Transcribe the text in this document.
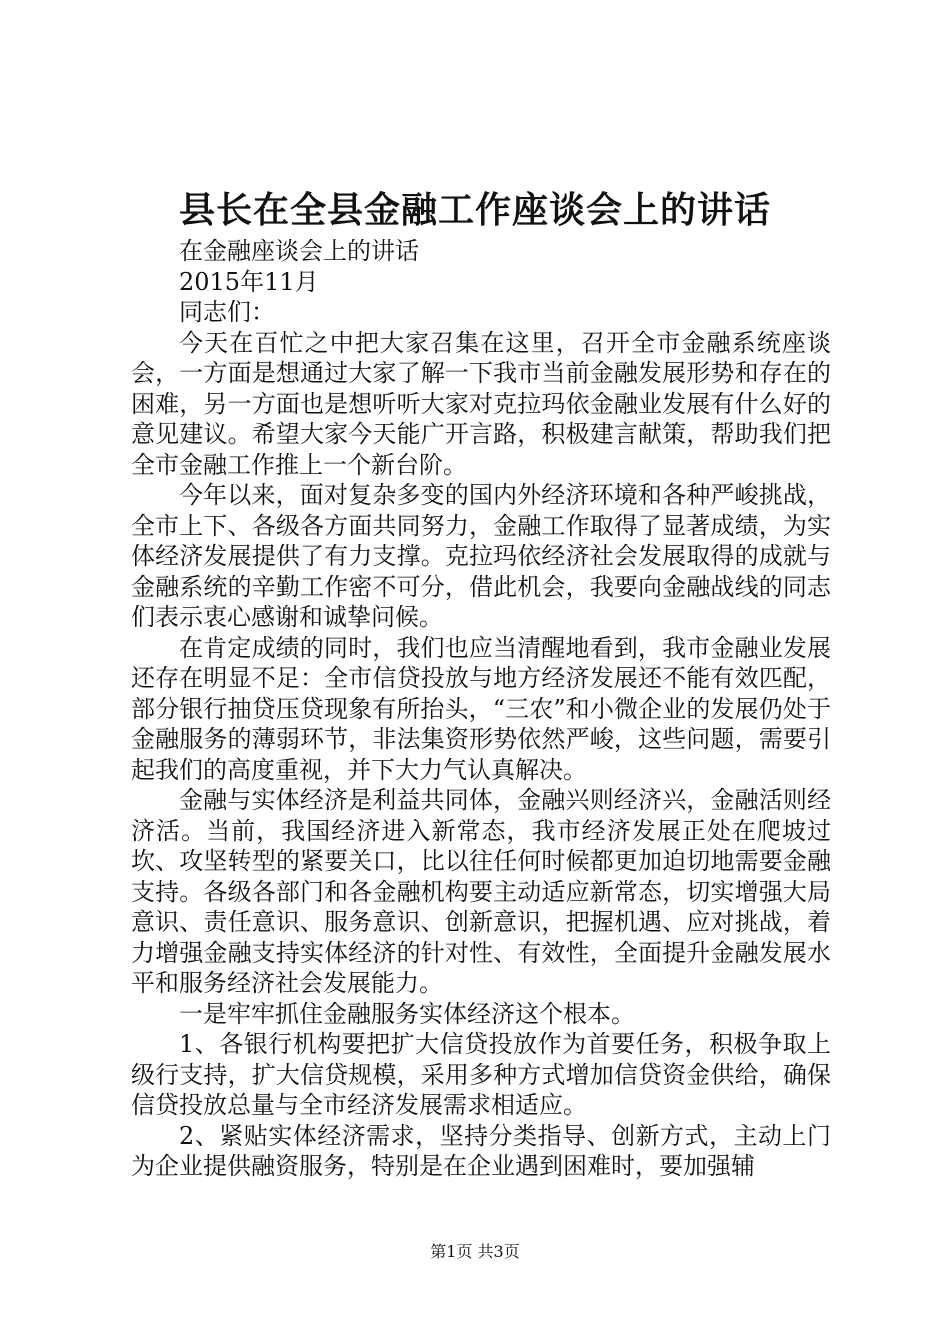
县长在全县金融工作座谈会上的讲话

在金融座谈会上的讲话

2015年11月

同志们：

今天在百忙之中把大家召集在这里，召开全市金融系统座谈会，一方面是想通过大家了解一下我市当前金融发展形势和存在的困难，另一方面也是想听听大家对克拉玛依金融业发展有什么好的意见建议。希望大家今天能广开言路，积极建言献策，帮助我们把全市金融工作推上一个新台阶。

今年以来，面对复杂多变的国内外经济环境和各种严峻挑战，全市上下、各级各方面共同努力，金融工作取得了显著成绩，为实体经济发展提供了有力支撑。克拉玛依经济社会发展取得的成就与金融系统的辛勤工作密不可分，借此机会，我要向金融战线的同志们表示衷心感谢和诚挚问候。

在肯定成绩的同时，我们也应当清醒地看到，我市金融业发展还存在明显不足：全市信贷投放与地方经济发展还不能有效匹配，部分银行抽贷压贷现象有所抬头，“三农”和小微企业的发展仍处于金融服务的薄弱环节，非法集资形势依然严峻，这些问题，需要引起我们的高度重视，并下大力气认真解决。

金融与实体经济是利益共同体，金融兴则经济兴，金融活则经济活。当前，我国经济进入新常态，我市经济发展正处在爬坡过坎、攻坚转型的紧要关口，比以往任何时候都更加迫切地需要金融支持。各级各部门和各金融机构要主动适应新常态，切实增强大局意识、责任意识、服务意识、创新意识，把握机遇、应对挑战，着力增强金融支持实体经济的针对性、有效性，全面提升金融发展水平和服务经济社会发展能力。

一是牢牢抓住金融服务实体经济这个根本。

1、各银行机构要把扩大信贷投放作为首要任务，积极争取上级行支持，扩大信贷规模，采用多种方式增加信贷资金供给，确保信贷投放总量与全市经济发展需求相适应。

2、紧贴实体经济需求，坚持分类指导、创新方式，主动上门为企业提供融资服务，特别是在企业遇到困难时，要加强辅

第1页 共3页
